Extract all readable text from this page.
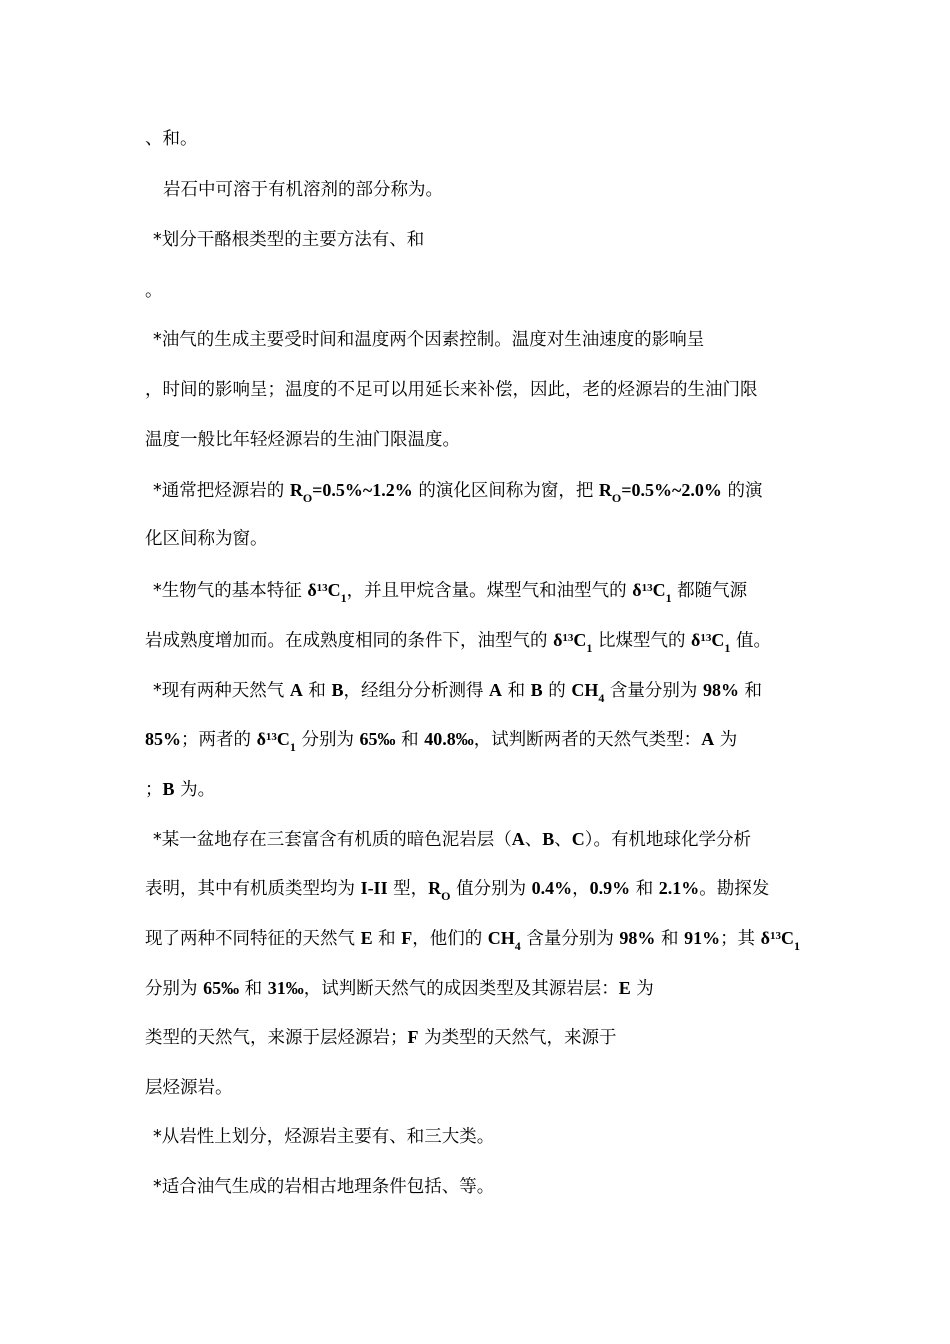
、和。
岩石中可溶于有机溶剂的部分称为。
*划分干酪根类型的主要方法有、和
。
*油气的生成主要受时间和温度两个因素控制。温度对生油速度的影响呈
，时间的影响呈；温度的不足可以用延长来补偿，因此，老的烃源岩的生油门限
温度一般比年轻烃源岩的生油门限温度。
*通常把烃源岩的 $R_O=0.5\%\sim 1.2\%$ 的演化区间称为窗，把 $R_O=0.5\%\sim 2.0\%$ 的演
化区间称为窗。
*生物气的基本特征 $\delta^{13}C_1$，并且甲烷含量。煤型气和油型气的 $\delta^{13}C_1$ 都随气源
岩成熟度增加而。在成熟度相同的条件下，油型气的 $\delta^{13}C_1$ 比煤型气的 $\delta^{13}C_1$ 值。
*现有两种天然气 A 和 B，经组分分析测得 A 和 B 的 $CH_4$ 含量分别为 98% 和
85%；两者的 $\delta^{13}C_1$ 分别为 65‰ 和 40.8‰，试判断两者的天然气类型：A 为
；B 为。
*某一盆地存在三套富含有机质的暗色泥岩层（A、B、C）。有机地球化学分析
表明，其中有机质类型均为 I-II 型，$R_O$ 值分别为 0.4%，0.9% 和 2.1%。勘探发
现了两种不同特征的天然气 E 和 F，他们的 $CH_4$ 含量分别为 98% 和 91%；其 $\delta^{13}C_1$
分别为 65‰ 和 31‰，试判断天然气的成因类型及其源岩层：E 为
类型的天然气，来源于层烃源岩；F 为类型的天然气，来源于
层烃源岩。
*从岩性上划分，烃源岩主要有、和三大类。
*适合油气生成的岩相古地理条件包括、等。
